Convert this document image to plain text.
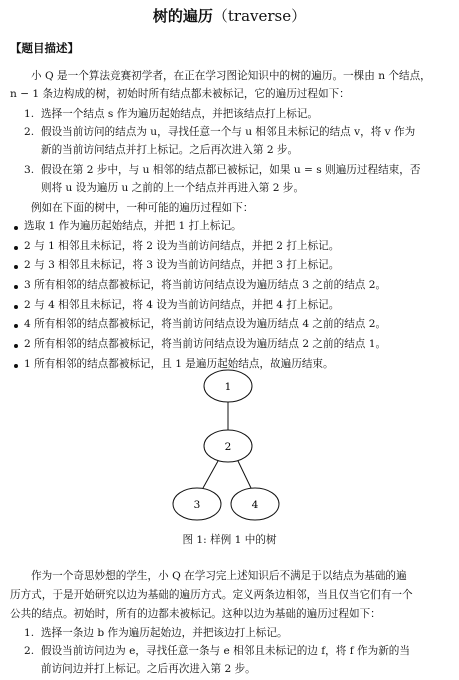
树的遍历（traverse）
【题目描述】
小 Q 是一个算法竞赛初学者，在正在学习图论知识中的树的遍历。一棵由 n 个结点，
n − 1 条边构成的树，初始时所有结点都未被标记，它的遍历过程如下：
1. 选择一个结点 s 作为遍历起始结点，并把该结点打上标记。
2. 假设当前访问的结点为 u，寻找任意一个与 u 相邻且未标记的结点 v，将 v 作为
新的当前访问结点并打上标记。之后再次进入第 2 步。
3. 假设在第 2 步中，与 u 相邻的结点都已被标记，如果 u = s 则遍历过程结束，否
则将 u 设为遍历 u 之前的上一个结点并再进入第 2 步。
例如在下面的树中，一种可能的遍历过程如下：
选取 1 作为遍历起始结点，并把 1 打上标记。
2 与 1 相邻且未标记，将 2 设为当前访问结点，并把 2 打上标记。
2 与 3 相邻且未标记，将 3 设为当前访问结点，并把 3 打上标记。
3 所有相邻的结点都被标记，将当前访问结点设为遍历结点 3 之前的结点 2。
2 与 4 相邻且未标记，将 4 设为当前访问结点，并把 4 打上标记。
4 所有相邻的结点都被标记，将当前访问结点设为遍历结点 4 之前的结点 2。
2 所有相邻的结点都被标记，将当前访问结点设为遍历结点 2 之前的结点 1。
1 所有相邻的结点都被标记，且 1 是遍历起始结点，故遍历结束。
1
2
3	4
图 1: 样例 1 中的树
作为一个奇思妙想的学生，小 Q 在学习完上述知识后不满足于以结点为基础的遍
历方式，于是开始研究以边为基础的遍历方式。定义两条边相邻，当且仅当它们有一个
公共的结点。初始时，所有的边都未被标记。这种以边为基础的遍历过程如下：
1. 选择一条边 b 作为遍历起始边，并把该边打上标记。
2. 假设当前访问边为 e，寻找任意一条与 e 相邻且未标记的边 f，将 f 作为新的当
前访问边并打上标记。之后再次进入第 2 步。
